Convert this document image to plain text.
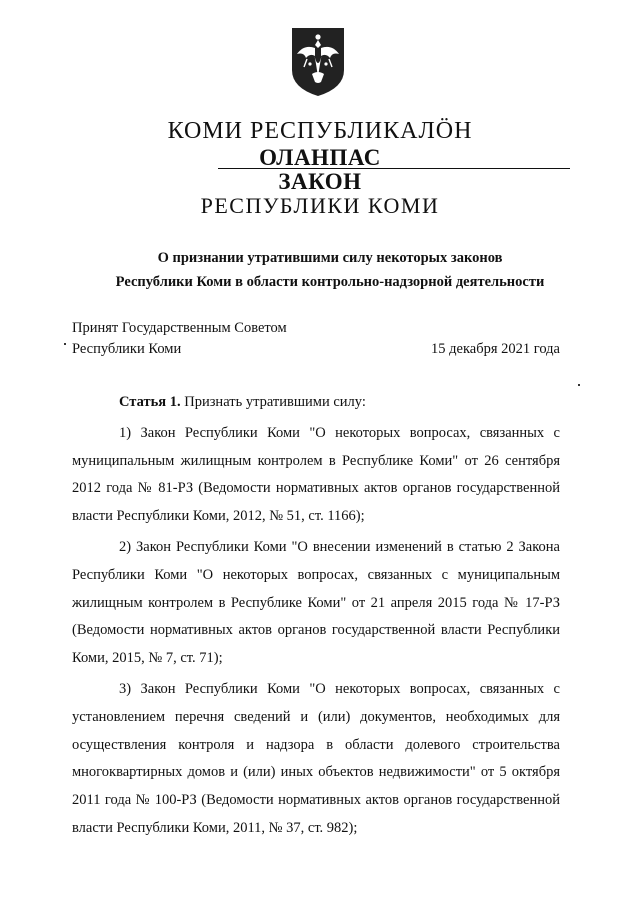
КОМИ РЕСПУБЛИКАЛÖН
ОЛАНПАС
ЗАКОН
РЕСПУБЛИКИ КОМИ
О признании утратившими силу некоторых законов
Республики Коми в области контрольно-надзорной деятельности
Принят Государственным Советом
Республики Коми	15 декабря 2021 года

Статья 1. Признать утратившими силу:

1) Закон Республики Коми "О некоторых вопросах, связанных с муниципальным жилищным контролем в Республике Коми" от 26 сентября 2012 года № 81-РЗ (Ведомости нормативных актов органов государственной власти Республики Коми, 2012, № 51, ст. 1166);

2) Закон Республики Коми "О внесении изменений в статью 2 Закона Республики Коми "О некоторых вопросах, связанных с муниципальным жилищным контролем в Республике Коми" от 21 апреля 2015 года № 17-РЗ (Ведомости нормативных актов органов государственной власти Республики Коми, 2015, № 7, ст. 71);

3) Закон Республики Коми "О некоторых вопросах, связанных с установлением перечня сведений и (или) документов, необходимых для осуществления контроля и надзора в области долевого строительства многоквартирных домов и (или) иных объектов недвижимости" от 5 октября 2011 года № 100-РЗ (Ведомости нормативных актов органов государственной власти Республики Коми, 2011, № 37, ст. 982);
